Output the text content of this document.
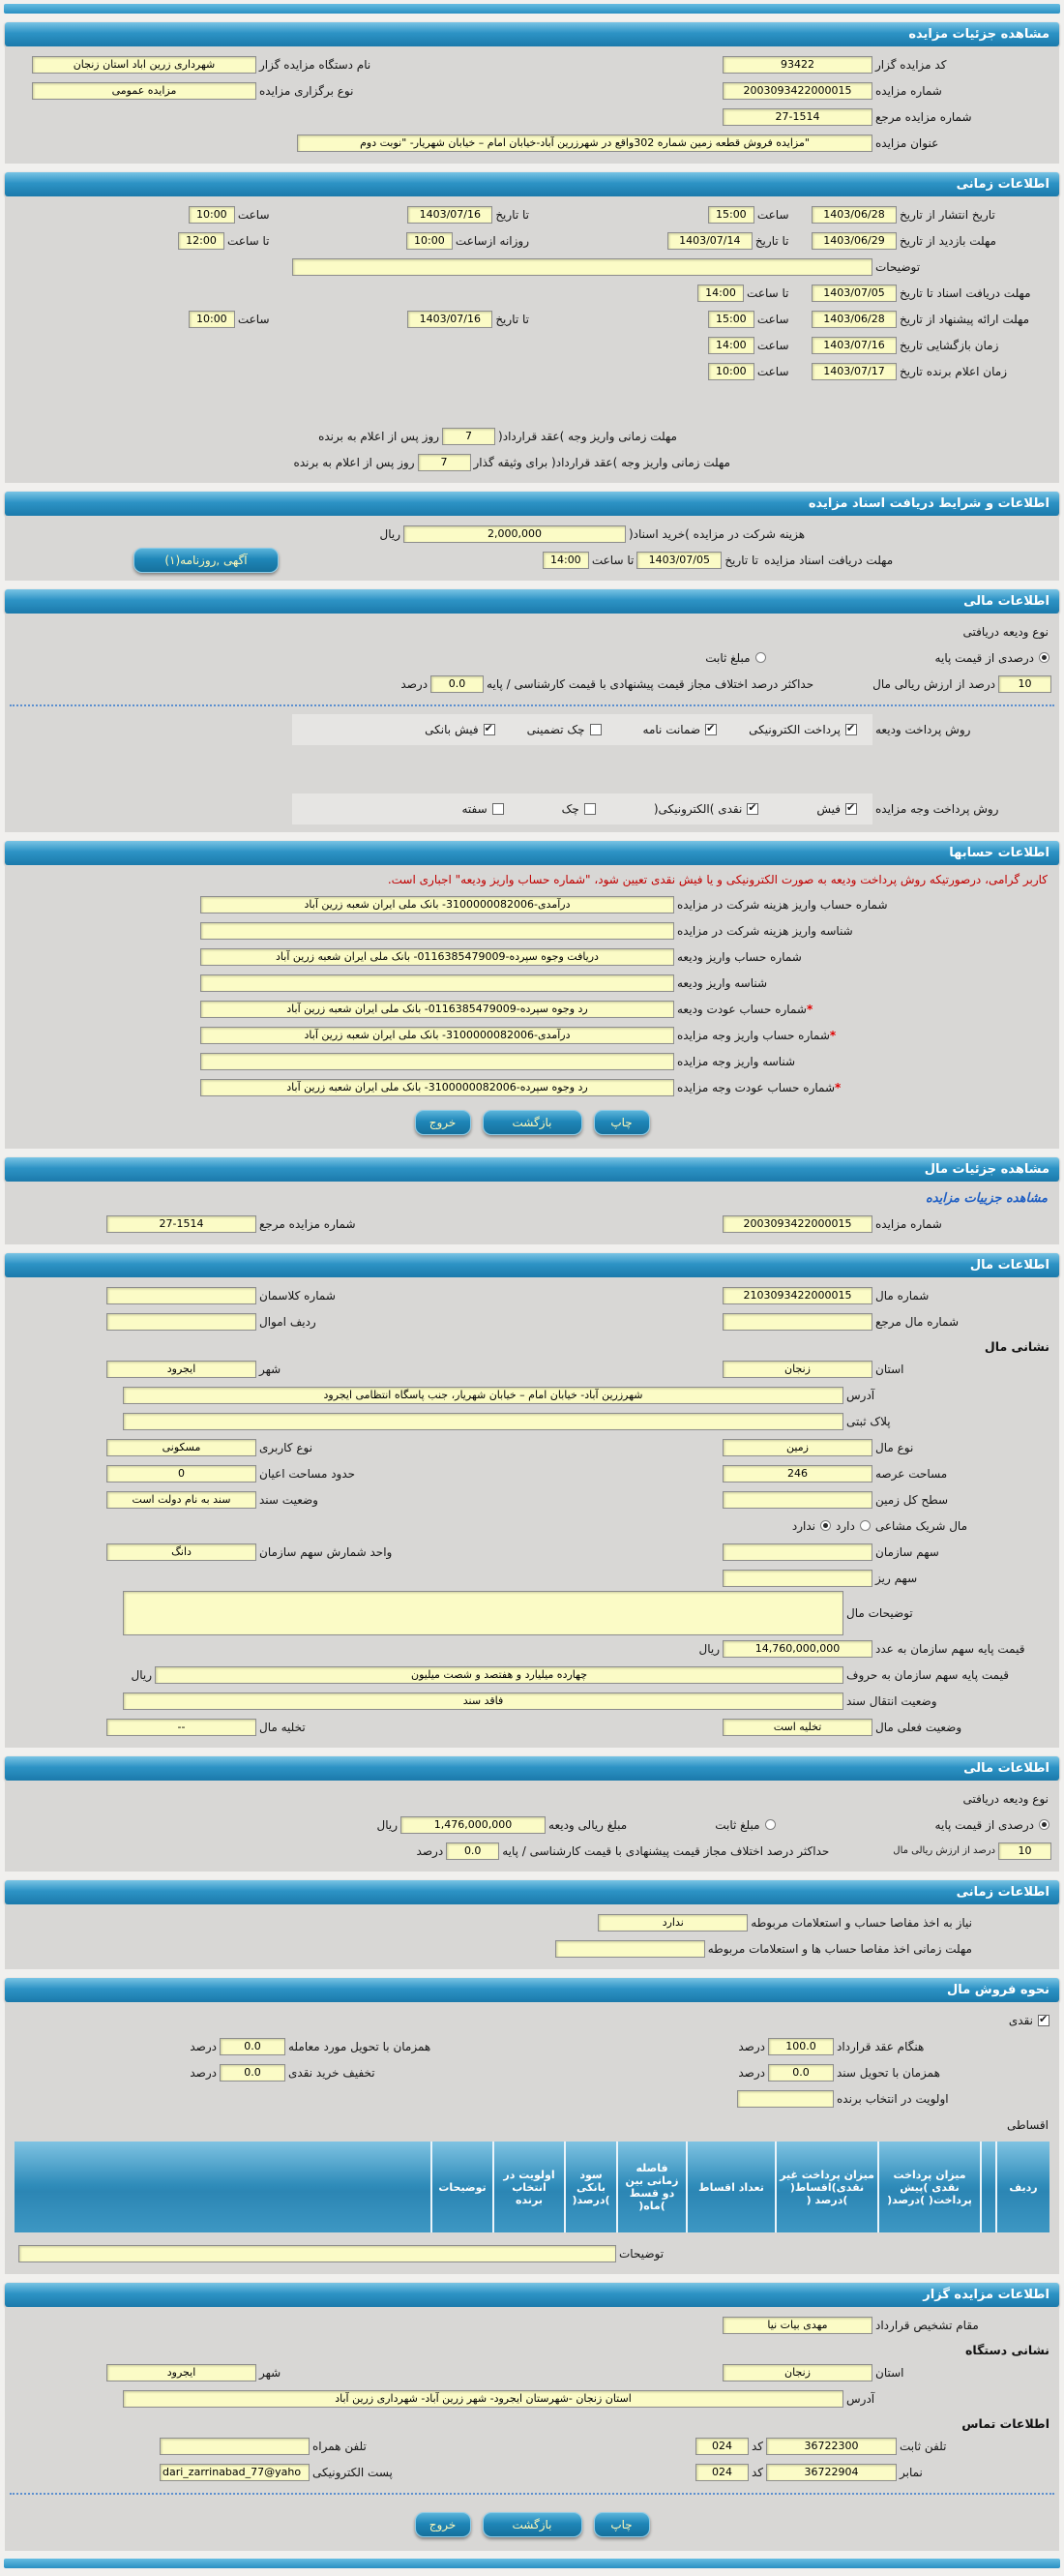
مشاهده جزئیات مزایده
کد مزایده گزار
93422
نام دستگاه مزایده گزار
شهرداری زرین اباد استان زنجان
شماره مزایده
2003093422000015
نوع برگزاری مزایده
مزایده عمومی
شماره مزایده مرجع
27-1514
عنوان مزایده
"مزایده فروش قطعه زمین شماره 302واقع در شهرزرین آباد-خیابان امام – خیابان شهریار- "نوبت دوم
اطلاعات زمانی
تاریخ انتشار از تاریخ
1403/06/28
ساعت
15:00
تا تاریخ
1403/07/16
ساعت
10:00
مهلت بازدید از تاریخ
1403/06/29
تا تاریخ
1403/07/14
روزانه ازساعت
10:00
تا ساعت
12:00
توضیحات
مهلت دریافت اسناد تا تاریخ
1403/07/05
تا ساعت
14:00
مهلت ارائه پیشنهاد از تاریخ
1403/06/28
ساعت
15:00
تا تاریخ
1403/07/16
ساعت
10:00
زمان بازگشایی تاریخ
1403/07/16
ساعت
14:00
زمان اعلام برنده تاریخ
1403/07/17
ساعت
10:00
مهلت زمانی واریز وجه )عقد قرارداد(
7
روز پس از اعلام به برنده
مهلت زمانی واریز وجه )عقد قرارداد( برای وثیقه گذار
7
روز پس از اعلام به برنده
اطلاعات و شرایط دریافت اسناد مزایده
هزینه شرکت در مزایده )خرید اسناد(
2,000,000
ریال
مهلت دریافت اسناد مزایده
تا تاریخ
1403/07/05
تا ساعت
14:00
آگهی ,روزنامه(۱)
اطلاعات مالی
نوع ودیعه دریافتی
درصدی از قیمت پایه
مبلغ ثابت
10
درصد از ارزش ریالی مال
حداکثر درصد اختلاف مجاز قیمت پیشنهادی با قیمت کارشناسی / پایه
0.0
درصد
روش پرداخت ودیعه
✔
پرداخت الکترونیکی
✔
ضمانت نامه
چک تضمینی
✔
فیش بانکی
روش پرداخت وجه مزایده
✔
فیش
✔
نقدی )الکترونیکی(
چک
سفته
اطلاعات حسابها
کاربر گرامی، درصورتیکه روش پرداخت ودیعه به صورت الکترونیکی و یا فیش نقدی تعیین شود، "شماره حساب واریز ودیعه" اجباری است.
شماره حساب واریز هزینه شرکت در مزایده
درآمدی-3100000082006- بانک ملی ایران شعبه زرین آباد
شناسه واریز هزینه شرکت در مزایده
شماره حساب واریز ودیعه
دریافت وجوه سپرده-0116385479009- بانک ملی ایران شعبه زرین آباد
شناسه واریز ودیعه
*شماره حساب عودت ودیعه
رد وجوه سپرده-0116385479009- بانک ملی ایران شعبه زرین آباد
*شماره حساب واریز وجه مزایده
درآمدی-3100000082006- بانک ملی ایران شعبه زرین آباد
شناسه واریز وجه مزایده
*شماره حساب عودت وجه مزایده
رد وجوه سپرده-3100000082006- بانک ملی ایران شعبه زرین آباد
چاپ
بازگشت
خروج
مشاهده جزئیات مال
مشاهده جزییات مزایده
شماره مزایده
2003093422000015
شماره مزایده مرجع
27-1514
اطلاعات مال
شماره مال
2103093422000015
شماره کلاسمان
شماره مال مرجع
ردیف اموال
نشانی مال
استان
زنجان
شهر
ایجرود
آدرس
شهرزرین آباد- خیابان امام – خیابان شهریار، جنب پاسگاه انتظامی ایجرود
پلاک ثبتی
نوع مال
زمین
نوع کاربری
مسکونی
مساحت عرصه
246
حدود مساحت اعیان
0
سطح کل زمین
وضعیت سند
سند به نام دولت است
مال شریک مشاعی
دارد
ندارد
سهم سازمان
واحد شمارش سهم سازمان
دانگ
سهم ریز
توضیحات مال
قیمت پایه سهم سازمان به عدد
14,760,000,000
ریال
قیمت پایه سهم سازمان به حروف
چهارده میلیارد و هفتصد و شصت میلیون
ریال
وضعیت انتقال سند
فاقد سند
وضعیت فعلی مال
تخلیه است
تخلیه مال
--
اطلاعات مالی
نوع ودیعه دریافتی
درصدی از قیمت پایه
مبلغ ثابت
مبلغ ریالی ودیعه
1,476,000,000
ریال
10
درصد از ارزش ریالی مال
حداکثر درصد اختلاف مجاز قیمت پیشنهادی با قیمت کارشناسی / پایه
0.0
درصد
اطلاعات زمانی
نیاز به اخذ مفاصا حساب و استعلامات مربوطه
ندارد
مهلت زمانی اخذ مفاصا حساب ها و استعلامات مربوطه
نحوه فروش مال
✔
نقدی
هنگام عقد قرارداد
100.0
درصد
همزمان با تحویل مورد معامله
0.0
درصد
همزمان با تحویل سند
0.0
درصد
تخفیف خرید نقدی
0.0
درصد
اولویت در انتخاب برنده
اقساطی
ردیف
میزان پرداخت نقدی )پیش پرداخت( )درصد(
میزان پرداخت غیر نقدی)اقساط( )درصد (
تعداد اقساط
فاصله زمانی بین دو قسط )ماه(
سود بانکی )درصد(
اولویت در انتخاب برنده
توضیحات
توضیحات
اطلاعات مزایده گزار
مقام تشخیص قرارداد
مهدی بیات نیا
نشانی دستگاه
استان
زنجان
شهر
ایجرود
آدرس
استان زنجان -شهرستان ایجرود- شهر زرین آباد- شهرداری زرین آباد
اطلاعات تماس
تلفن ثابت
36722300
کد
024
تلفن همراه
نمابر
36722904
کد
024
پست الکترونیکی
dari_zarrinabad_77@yaho
چاپ
بازگشت
خروج
